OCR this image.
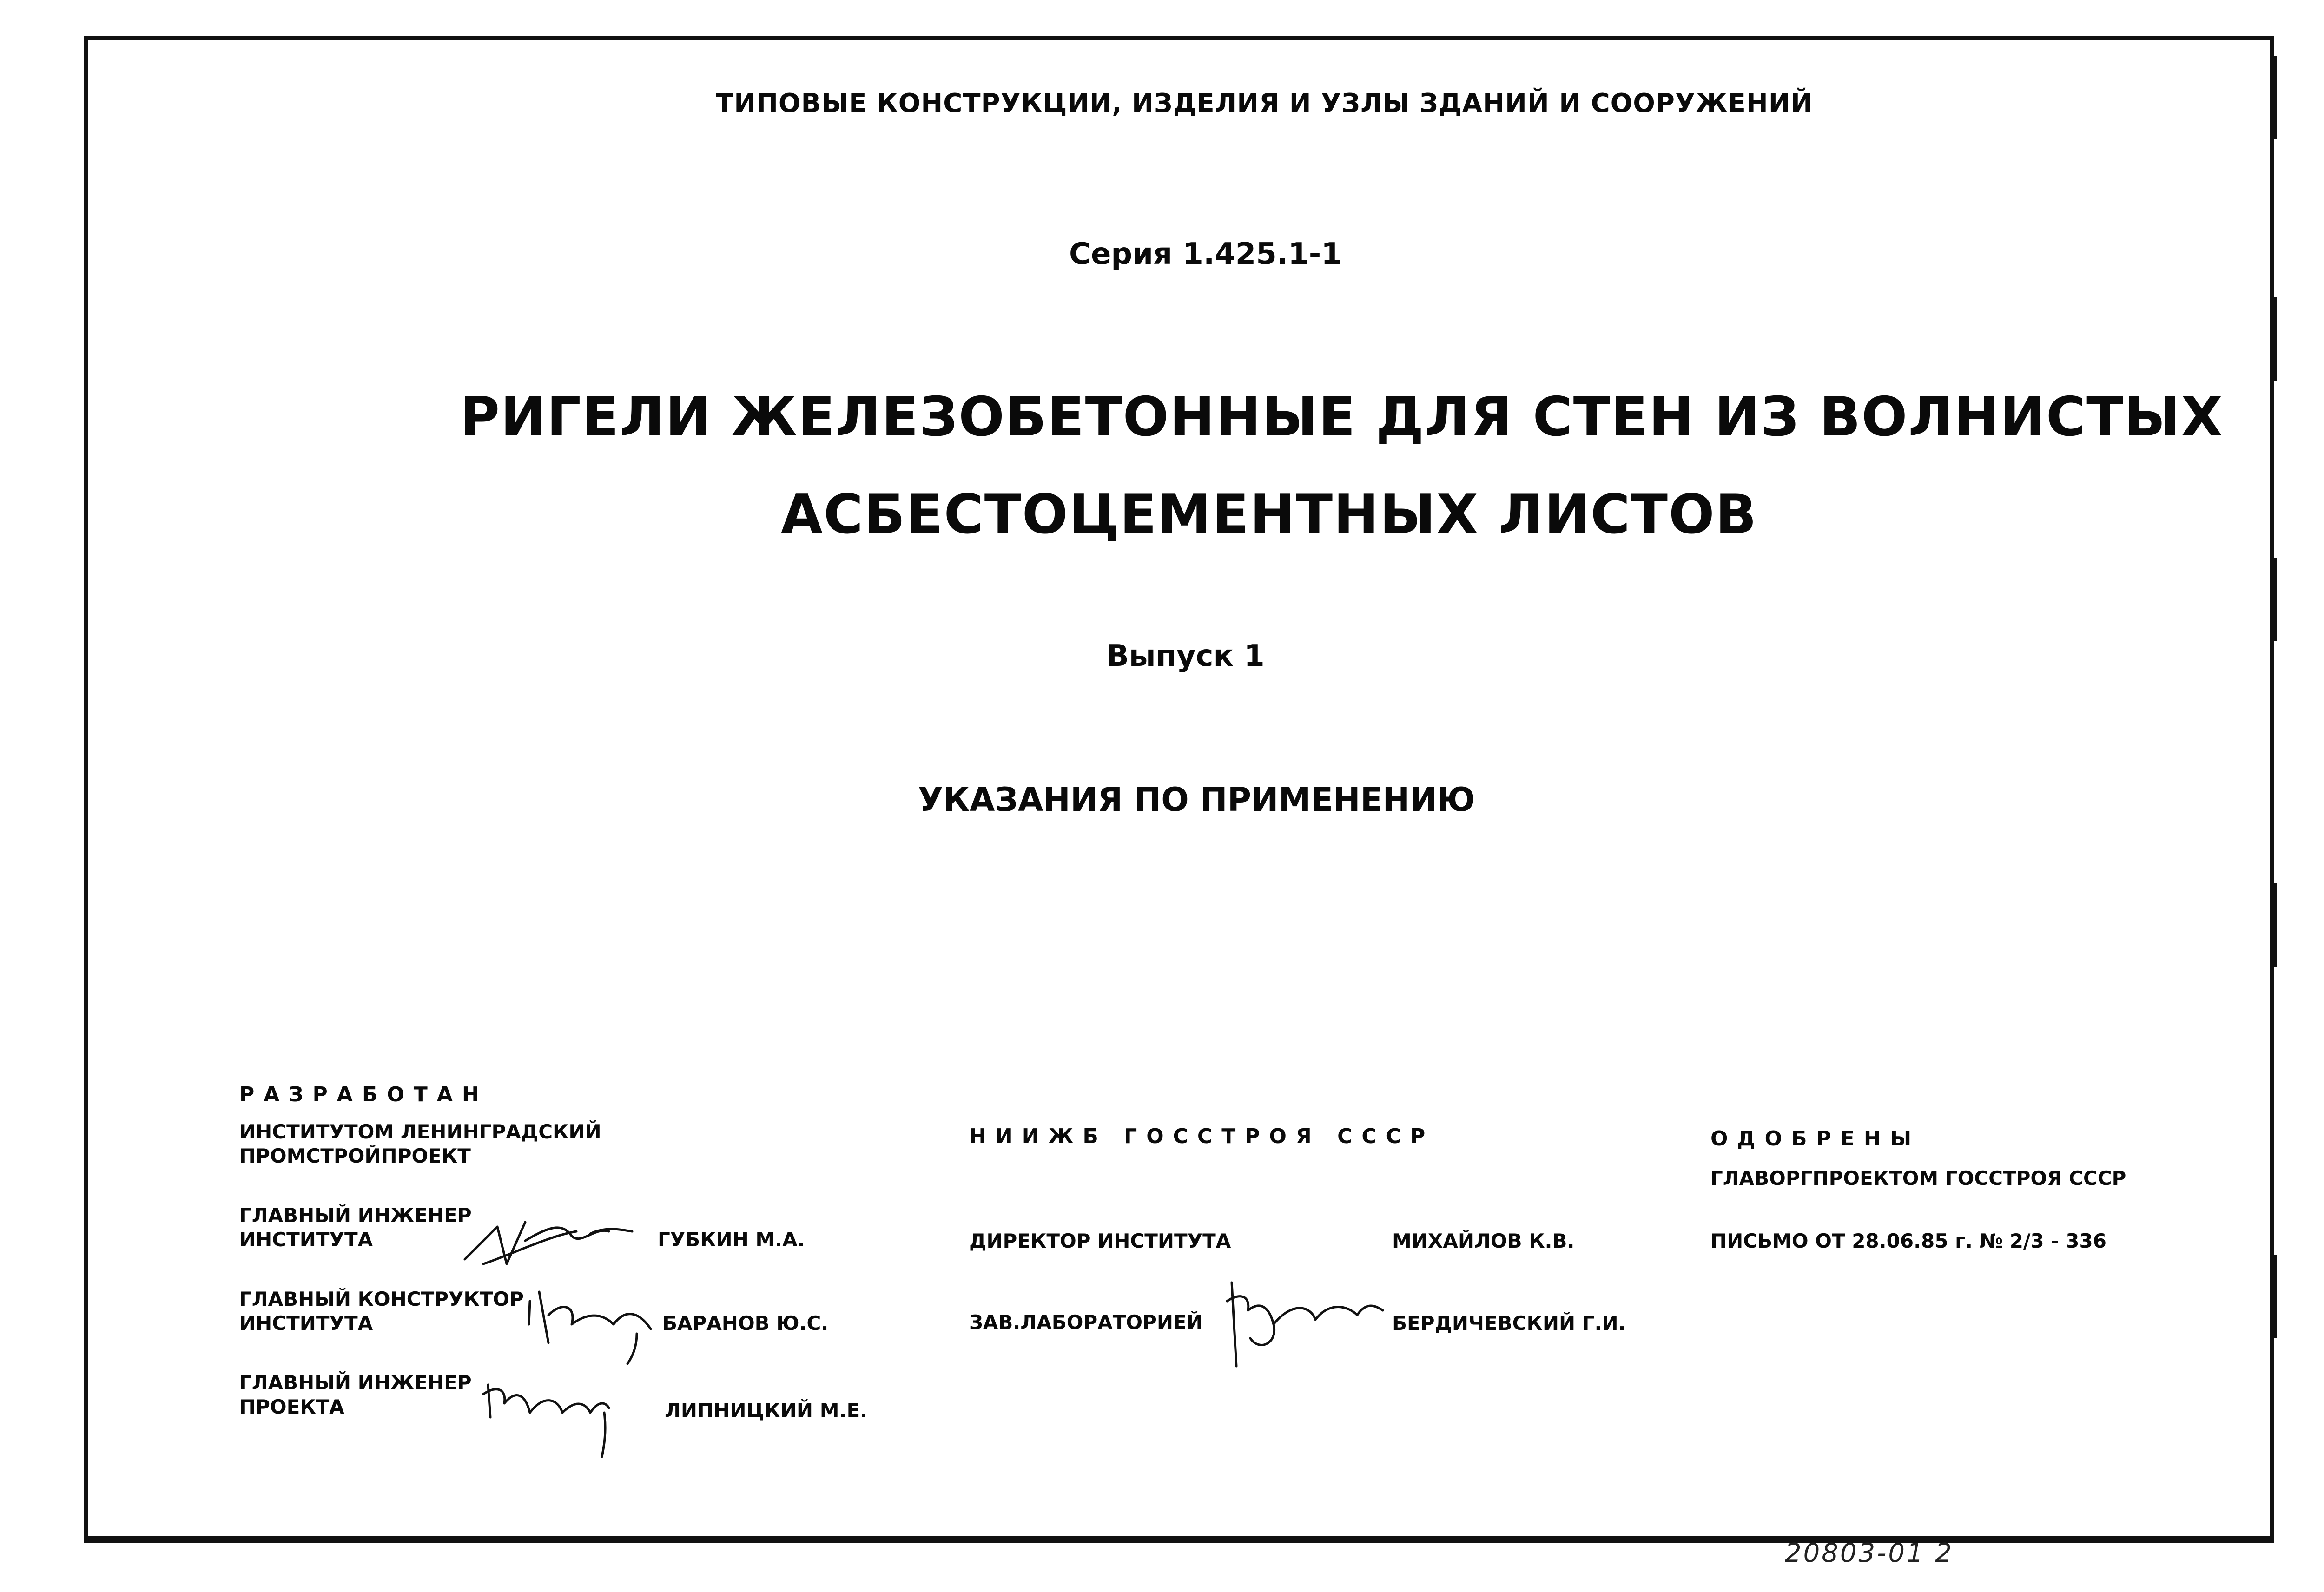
ТИПОВЫЕ КОНСТРУКЦИИ, ИЗДЕЛИЯ И УЗЛЫ ЗДАНИЙ И СООРУЖЕНИЙ
Серия 1.425.1-1
РИГЕЛИ ЖЕЛЕЗОБЕТОННЫЕ ДЛЯ СТЕН ИЗ ВОЛНИСТЫХ
АСБЕСТОЦЕМЕНТНЫХ ЛИСТОВ
Выпуск 1
УКАЗАНИЯ ПО ПРИМЕНЕНИЮ
РАЗРАБОТАН
ИНСТИТУТОМ ЛЕНИНГРАДСКИЙ
ПРОМСТРОЙПРОЕКТ
ГЛАВНЫЙ ИНЖЕНЕР
ИНСТИТУТА	ГУБКИН М.А.
ГЛАВНЫЙ КОНСТРУКТОР
ИНСТИТУТА	БАРАНОВ Ю.С.
ГЛАВНЫЙ ИНЖЕНЕР
ПРОЕКТА	ЛИПНИЦКИЙ М.Е.
НИИЖБ ГОССТРОЯ СССР
ДИРЕКТОР ИНСТИТУТА	МИХАЙЛОВ К.В.
ЗАВ.ЛАБОРАТОРИЕЙ	БЕРДИЧЕВСКИЙ Г.И.
ОДОБРЕНЫ
ГЛАВОРГПРОЕКТОМ ГОССТРОЯ СССР
ПИСЬМО ОТ 28.06.85 г. № 2/3 - 336
20803-01 2
